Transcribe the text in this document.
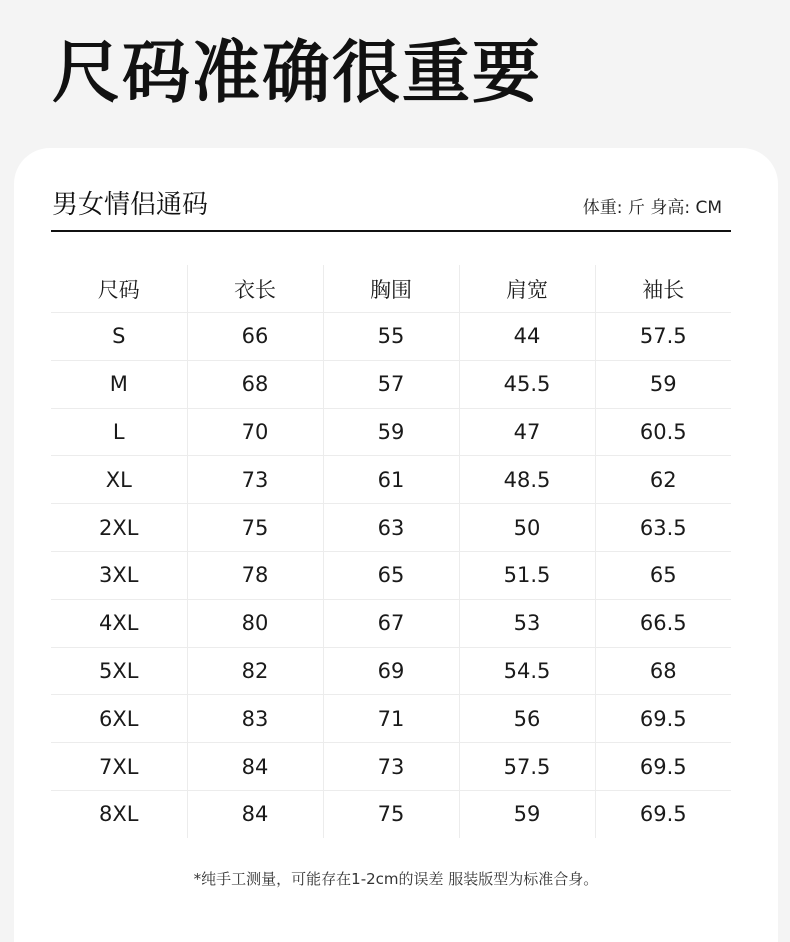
尺码准确很重要
男女情侣通码	体重: 斤 身高: CM
尺码	衣长	胸围	肩宽	袖长
S	66	55	44	57.5
M	68	57	45.5	59
L	70	59	47	60.5
XL	73	61	48.5	62
2XL	75	63	50	63.5
3XL	78	65	51.5	65
4XL	80	67	53	66.5
5XL	82	69	54.5	68
6XL	83	71	56	69.5
7XL	84	73	57.5	69.5
8XL	84	75	59	69.5
*纯手工测量，可能存在1-2cm的误差 服装版型为标准合身。
